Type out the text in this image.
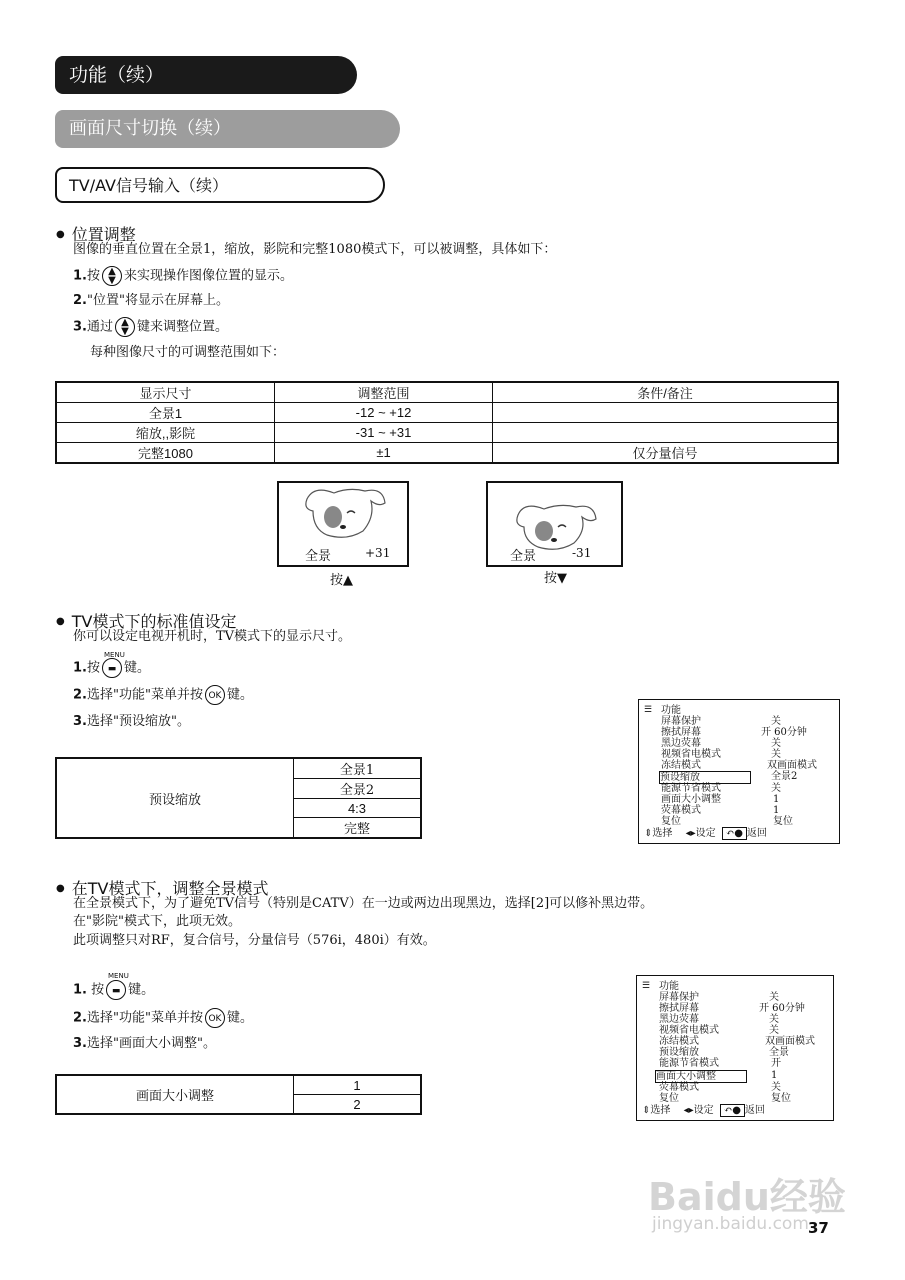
功能（续）
画面尺寸切换（续）
TV/AV信号输入（续）
● 位置调整
图像的垂直位置在全景1，缩放，影院和完整1080模式下，可以被调整，具体如下：
1.按 ▲
▼ 来实现操作图像位置的显示。
2."位置"将显示在屏幕上。
3.通过 ▲
▼ 键来调整位置。
每种图像尺寸的可调整范围如下：
显示尺寸	调整范围	条件/备注
全景1	-12 ~ +12	
缩放,,影院	-31 ~ +31	
完整1080	±1	仅分量信号
全景	+31
按▲
全景	-31
按▼
● TV模式下的标准值设定
你可以设定电视开机时，TV模式下的显示尺寸。
MENU
1.按 ▬ 键。
2.选择"功能"菜单并按 OK 键。
3.选择"预设缩放"。
预设缩放	全景1
全景2
4:3
完整
☰ 功能
屏幕保护	关
擦拭屏幕	开 60分钟
黑边荧幕	关
视频省电模式	关
冻结模式	双画面模式
预设缩放	全景2
能源节省模式	关
画面大小调整	1
荧幕模式	1
复位	复位
⇕选择 ◂▸设定 ↶● 返回
● 在TV模式下，调整全景模式
在全景模式下，为了避免TV信号（特别是CATV）在一边或两边出现黑边，选择[2]可以修补黑边带。
在"影院"模式下，此项无效。
此项调整只对RF，复合信号，分量信号（576i，480i）有效。
MENU
1. 按 ▬ 键。
2.选择"功能"菜单并按 OK 键。
3.选择"画面大小调整"。
画面大小调整	1
2
☰ 功能
屏幕保护	关
擦拭屏幕	开 60分钟
黑边荧幕	关
视频省电模式	关
冻结模式	双画面模式
预设缩放	全景
能源节省模式	开
画面大小调整	1
荧幕模式	关
复位	复位
⇕选择 ◂▸设定 ↶● 返回
Baidu经验
jingyan.baidu.com 37
